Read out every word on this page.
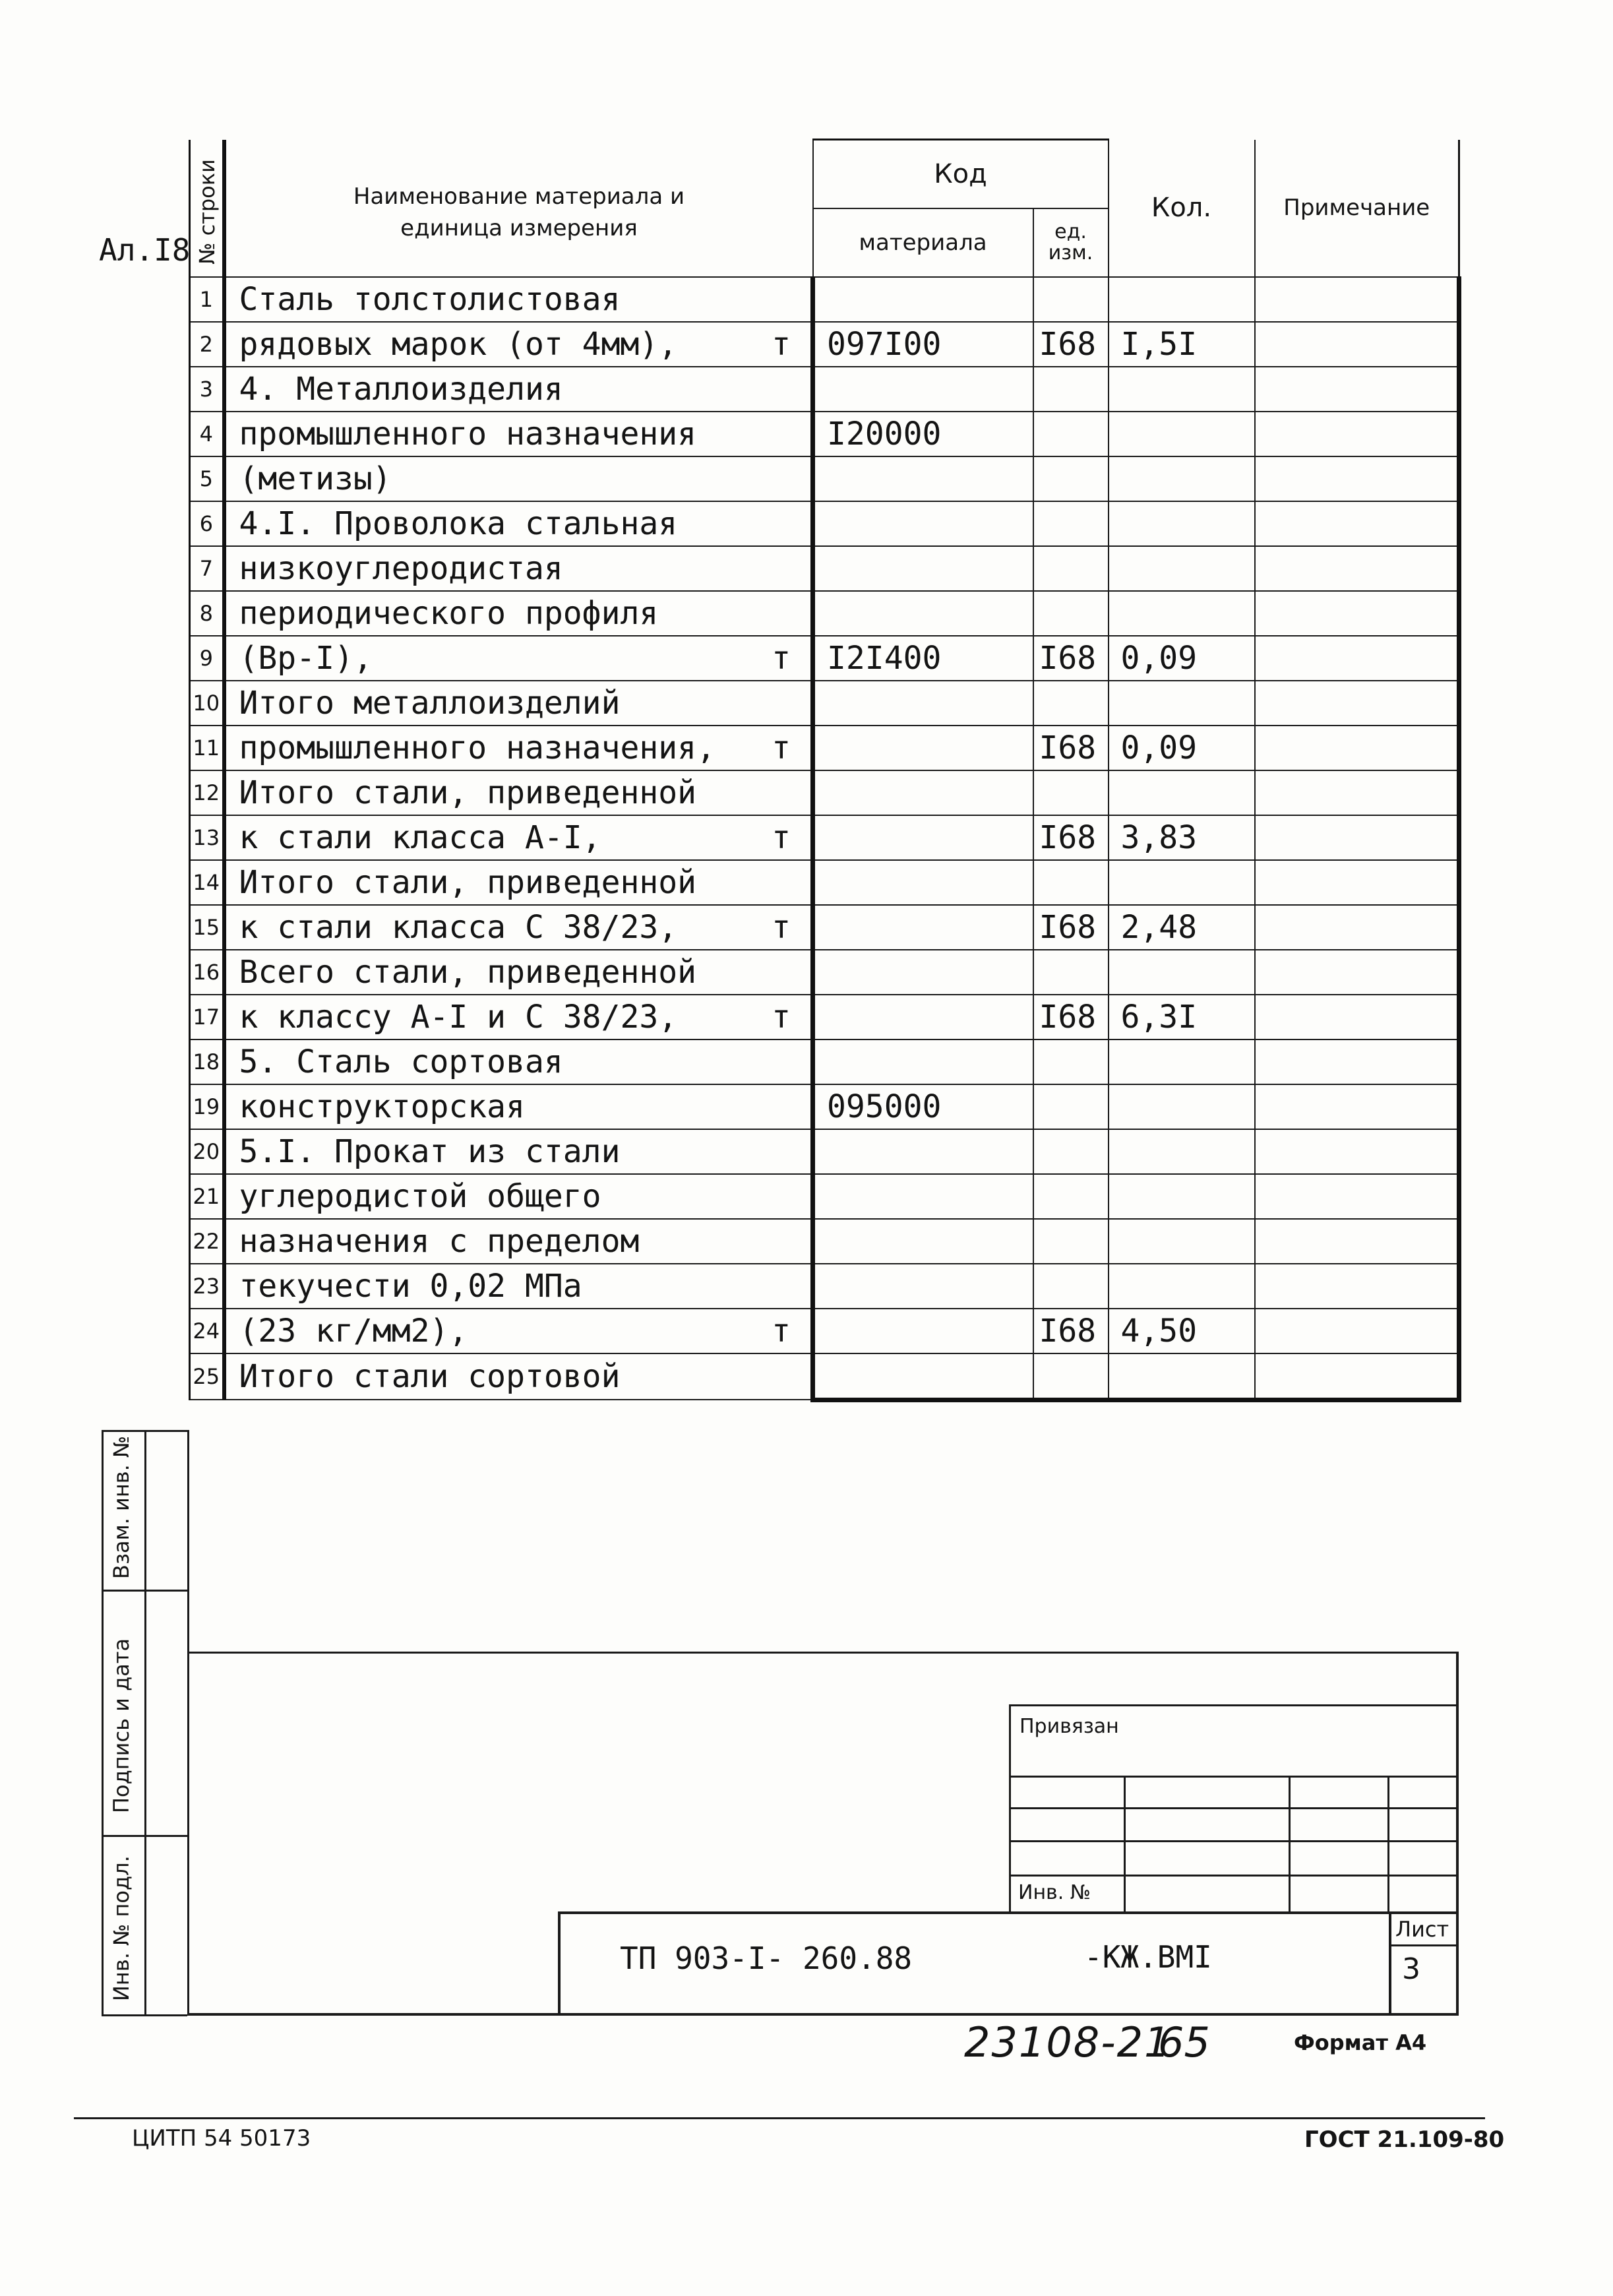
Ал.I8 № строки	Наименование материала и
единица измерения	Код		Кол.	Примечание
		материала	ед.
изм.		
1	Сталь толстолистовая				
2	рядовых марок (от 4мм), т	097I00	I68	I,5I	
3	4. Металлоизделия				
4	промышленного назначения	I20000			
5	(метизы)				
6	4.I. Проволока стальная				
7	низкоуглеродистая				
8	периодического профиля				
9	(Вр-I), т	I2I400	I68	0,09	
10	Итого металлоизделий				
11	промышленного назначения, т		I68	0,09	
12	Итого стали, приведенной				
13	к стали класса А-I, т		I68	3,83	
14	Итого стали, приведенной				
15	к стали класса С 38/23, т		I68	2,48	
16	Всего стали, приведенной				
17	к классу А-I и С 38/23, т		I68	6,3I	
18	5. Сталь сортовая				
19	конструкторская	095000			
20	5.I. Прокат из стали				
21	углеродистой общего				
22	назначения с пределом				
23	текучести 0,02 МПа				
24	(23 кг/мм2), т		I68	4,50	
25	Итого стали сортовой				
Взам. инв. №
Подпись и дата
Инв. № подл.
Привязан
Инв. №
ТП 903-I- 260.88	-КЖ.ВМI
Лист
3
23108-21
65	Формат А4
ЦИТП 54 50173	ГОСТ 21.109-80
